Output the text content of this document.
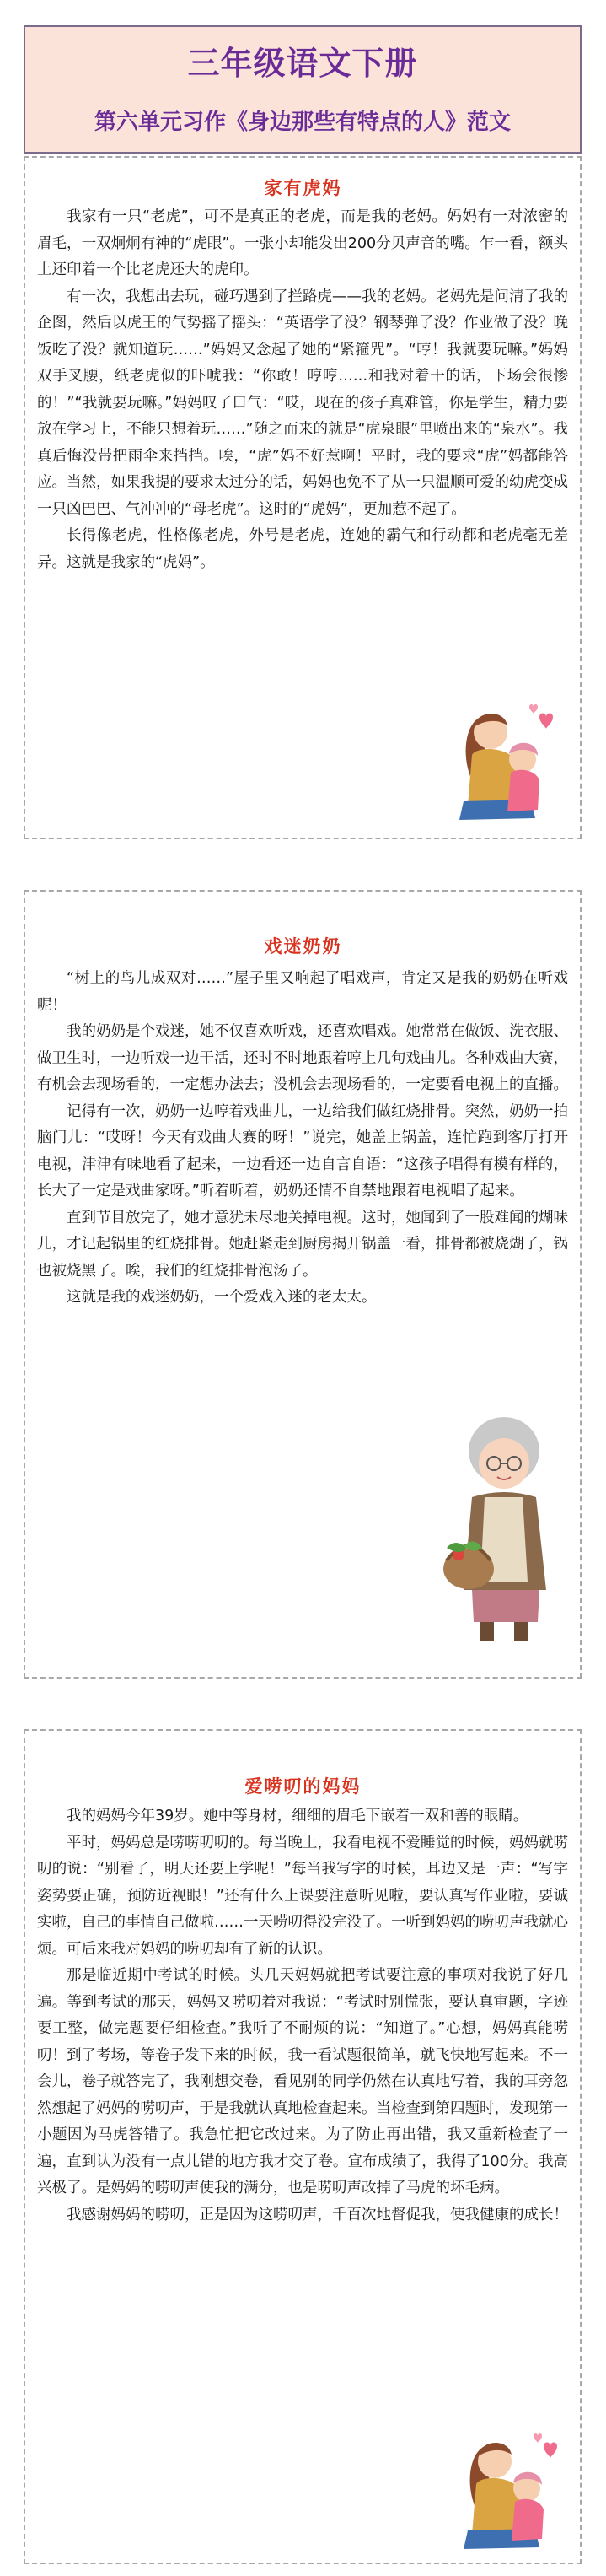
三年级语文下册
第六单元习作《身边那些有特点的人》范文
家有虎妈

我家有一只“老虎”，可不是真正的老虎，而是我的老妈。妈妈有一对浓密的眉毛，一双炯炯有神的“虎眼”。一张小却能发出200分贝声音的嘴。乍一看，额头上还印着一个比老虎还大的虎印。

有一次，我想出去玩，碰巧遇到了拦路虎——我的老妈。老妈先是问清了我的企图，然后以虎王的气势摇了摇头：“英语学了没？钢琴弹了没？作业做了没？晚饭吃了没？就知道玩……”妈妈又念起了她的“紧箍咒”。“哼！我就要玩嘛。”妈妈双手叉腰，纸老虎似的吓唬我：“你敢！哼哼……和我对着干的话，下场会很惨的！”“我就要玩嘛。”妈妈叹了口气：“哎，现在的孩子真难管，你是学生，精力要放在学习上，不能只想着玩……”随之而来的就是“虎泉眼”里喷出来的“泉水”。我真后悔没带把雨伞来挡挡。唉，“虎”妈不好惹啊！平时，我的要求“虎”妈都能答应。当然，如果我提的要求太过分的话，妈妈也免不了从一只温顺可爱的幼虎变成一只凶巴巴、气冲冲的“母老虎”。这时的“虎妈”，更加惹不起了。

长得像老虎，性格像老虎，外号是老虎，连她的霸气和行动都和老虎毫无差异。这就是我家的“虎妈”。

戏迷奶奶

“树上的鸟儿成双对……”屋子里又响起了唱戏声，肯定又是我的奶奶在听戏呢！

我的奶奶是个戏迷，她不仅喜欢听戏，还喜欢唱戏。她常常在做饭、洗衣服、做卫生时，一边听戏一边干活，还时不时地跟着哼上几句戏曲儿。各种戏曲大赛，有机会去现场看的，一定想办法去；没机会去现场看的，一定要看电视上的直播。

记得有一次，奶奶一边哼着戏曲儿，一边给我们做红烧排骨。突然，奶奶一拍脑门儿：“哎呀！今天有戏曲大赛的呀！”说完，她盖上锅盖，连忙跑到客厅打开电视，津津有味地看了起来，一边看还一边自言自语：“这孩子唱得有模有样的，长大了一定是戏曲家呀。”听着听着，奶奶还情不自禁地跟着电视唱了起来。

直到节目放完了，她才意犹未尽地关掉电视。这时，她闻到了一股难闻的煳味儿，才记起锅里的红烧排骨。她赶紧走到厨房揭开锅盖一看，排骨都被烧煳了，锅也被烧黑了。唉，我们的红烧排骨泡汤了。

这就是我的戏迷奶奶，一个爱戏入迷的老太太。

爱唠叨的妈妈

我的妈妈今年39岁。她中等身材，细细的眉毛下嵌着一双和善的眼睛。

平时，妈妈总是唠唠叨叨的。每当晚上，我看电视不爱睡觉的时候，妈妈就唠叨的说：“别看了，明天还要上学呢！”每当我写字的时候，耳边又是一声：“写字姿势要正确，预防近视眼！”还有什么上课要注意听见啦，要认真写作业啦，要诚实啦，自己的事情自己做啦……一天唠叨得没完没了。一听到妈妈的唠叨声我就心烦。可后来我对妈妈的唠叨却有了新的认识。

那是临近期中考试的时候。头几天妈妈就把考试要注意的事项对我说了好几遍。等到考试的那天，妈妈又唠叨着对我说：“考试时别慌张，要认真审题，字迹要工整，做完题要仔细检查。”我听了不耐烦的说：“知道了。”心想，妈妈真能唠叨！到了考场，等卷子发下来的时候，我一看试题很简单，就飞快地写起来。不一会儿，卷子就答完了，我刚想交卷，看见别的同学仍然在认真地写着，我的耳旁忽然想起了妈妈的唠叨声，于是我就认真地检查起来。当检查到第四题时，发现第一小题因为马虎答错了。我急忙把它改过来。为了防止再出错，我又重新检查了一遍，直到认为没有一点儿错的地方我才交了卷。宣布成绩了，我得了100分。我高兴极了。是妈妈的唠叨声使我的满分，也是唠叨声改掉了马虎的坏毛病。

我感谢妈妈的唠叨，正是因为这唠叨声，千百次地督促我，使我健康的成长！
